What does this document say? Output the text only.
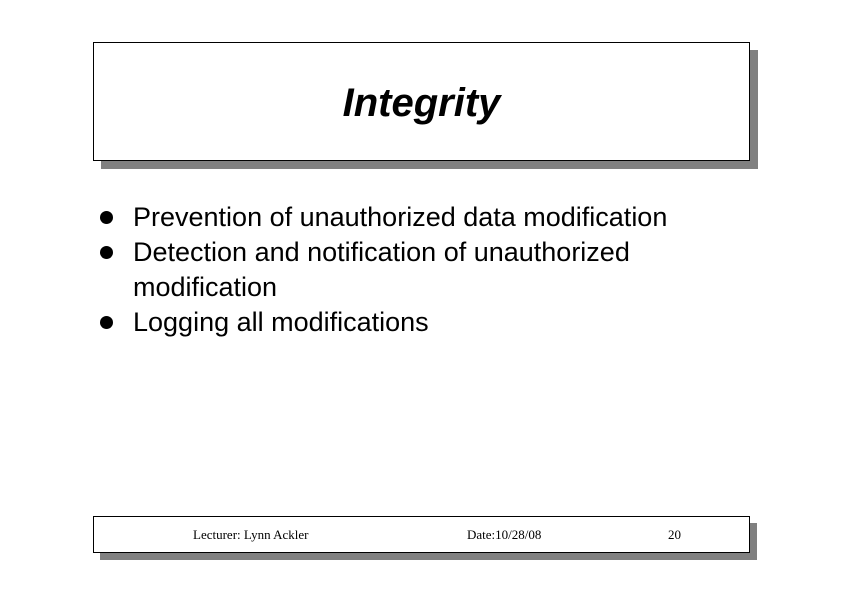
Integrity
Prevention of unauthorized data modification
Detection and notification of unauthorized modification
Logging all modifications
Lecturer: Lynn Ackler	Date:10/28/08	20
